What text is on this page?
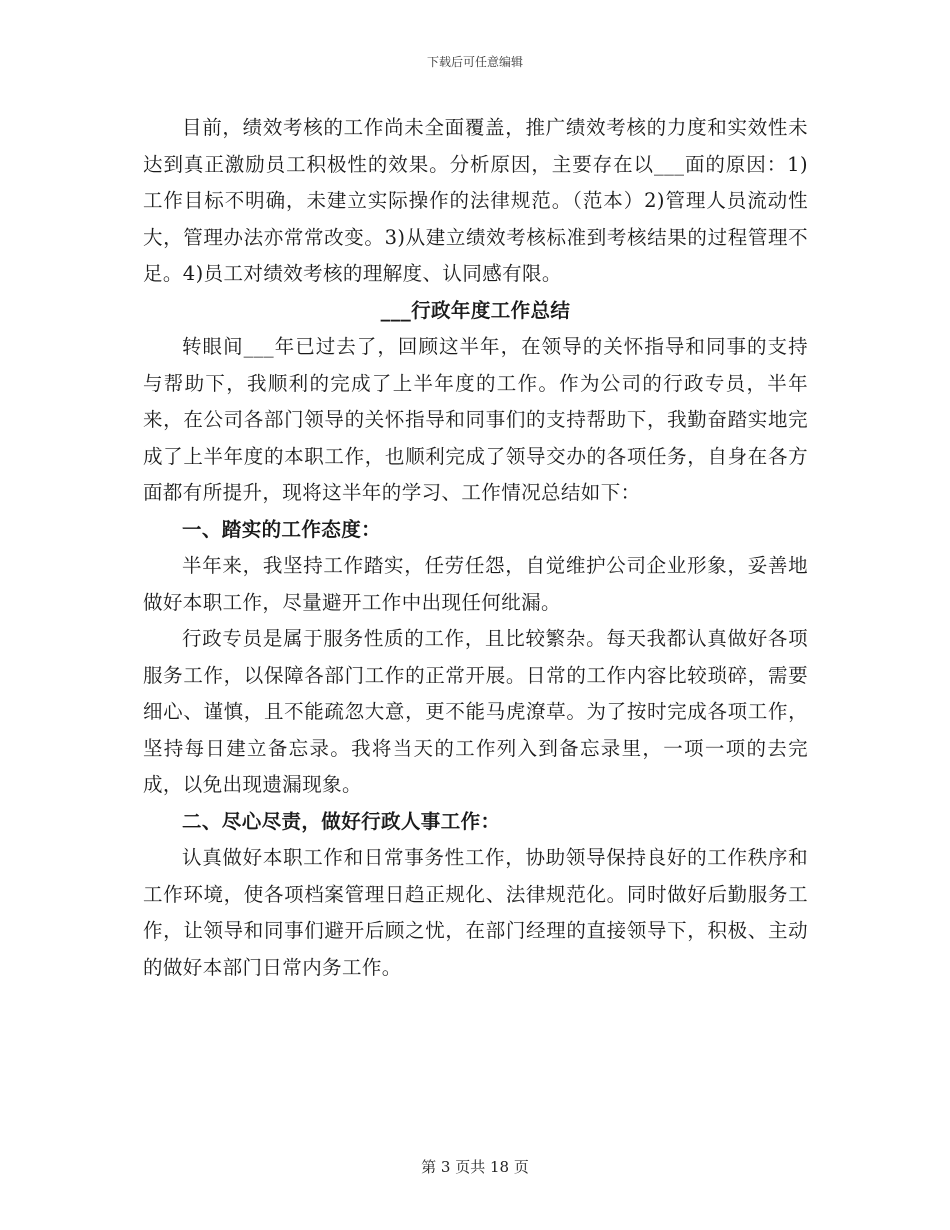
下载后可任意编辑

目前，绩效考核的工作尚未全面覆盖，推广绩效考核的力度和实效性未达到真正激励员工积极性的效果。分析原因，主要存在以___面的原因：1)工作目标不明确，未建立实际操作的法律规范。（范本）2)管理人员流动性大，管理办法亦常常改变。3)从建立绩效考核标准到考核结果的过程管理不足。4)员工对绩效考核的理解度、认同感有限。

___行政年度工作总结

转眼间___年已过去了，回顾这半年，在领导的关怀指导和同事的支持与帮助下，我顺利的完成了上半年度的工作。作为公司的行政专员，半年来，在公司各部门领导的关怀指导和同事们的支持帮助下，我勤奋踏实地完成了上半年度的本职工作，也顺利完成了领导交办的各项任务，自身在各方面都有所提升，现将这半年的学习、工作情况总结如下：

一、踏实的工作态度：

半年来，我坚持工作踏实，任劳任怨，自觉维护公司企业形象，妥善地做好本职工作，尽量避开工作中出现任何纰漏。

行政专员是属于服务性质的工作，且比较繁杂。每天我都认真做好各项服务工作，以保障各部门工作的正常开展。日常的工作内容比较琐碎，需要细心、谨慎，且不能疏忽大意，更不能马虎潦草。为了按时完成各项工作，坚持每日建立备忘录。我将当天的工作列入到备忘录里，一项一项的去完成，以免出现遗漏现象。

二、尽心尽责，做好行政人事工作：

认真做好本职工作和日常事务性工作，协助领导保持良好的工作秩序和工作环境，使各项档案管理日趋正规化、法律规范化。同时做好后勤服务工作，让领导和同事们避开后顾之忧，在部门经理的直接领导下，积极、主动的做好本部门日常内务工作。

第 3 页共 18 页
